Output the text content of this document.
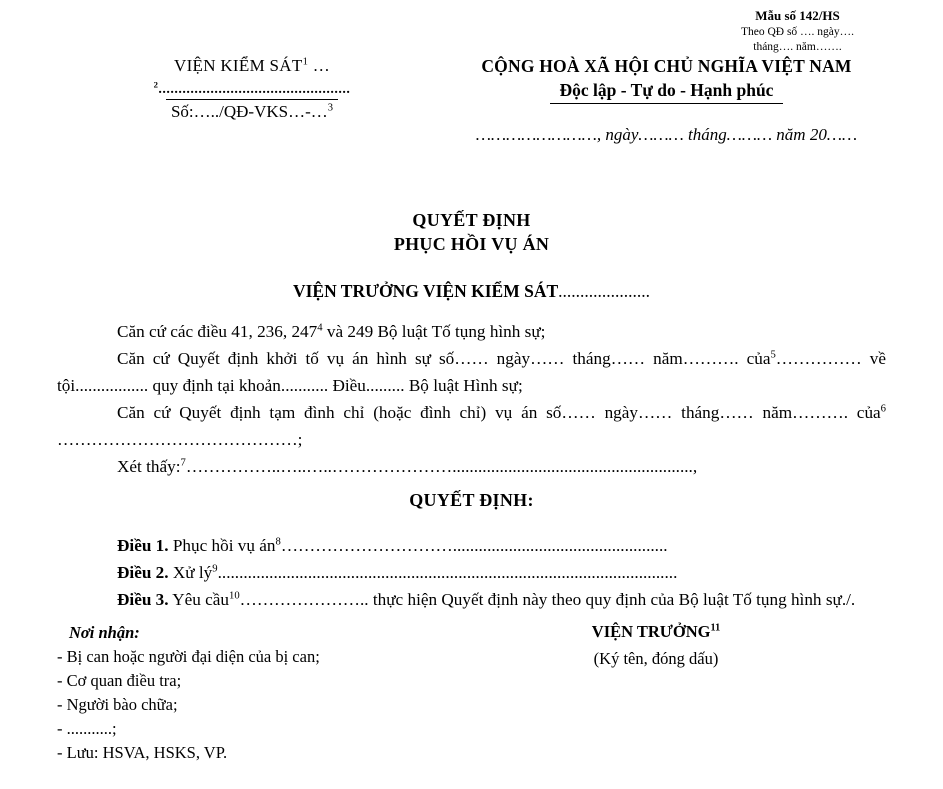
Mẫu số 142/HS
Theo QĐ số …. ngày….
tháng…. năm…….
VIỆN KIỂM SÁT$^1$ …
$^2$................................................
Số:…../QĐ-VKS…-…$^3$
CỘNG HOÀ XÃ HỘI CHỦ NGHĨA VIỆT NAM
Độc lập - Tự do - Hạnh phúc
……………………, ngày……… tháng……… năm 20……
QUYẾT ĐỊNH
PHỤC HỒI VỤ ÁN
VIỆN TRƯỞNG VIỆN KIỂM SÁT.....................

Căn cứ các điều 41, 236, $247^4$ và 249 Bộ luật Tố tụng hình sự;

Căn cứ Quyết định khởi tố vụ án hình sự số…… ngày…… tháng…… năm………. của$^5$…………… về tội................. quy định tại khoản........... Điều......... Bộ luật Hình sự;

Căn cứ Quyết định tạm đình chỉ (hoặc đình chỉ) vụ án số…… ngày…… tháng…… năm………. của$^6$ ……………………………………;

Xét thấy:$^7$……………..…..…..…………………........................................................,

QUYẾT ĐỊNH:

Điều 1. Phục hồi vụ $án^8\dots\dots\dots\dots\dots\dots\dots\dots\dots\dots$..................................................

Điều 2. Xử $lý^9$...........................................................................................................

Điều 3. Yêu cầu$^{10}$………………….. thực hiện Quyết định này theo quy định của Bộ luật Tố tụng hình sự./.

Nơi nhận:
- Bị can hoặc người đại diện của bị can;
- Cơ quan điều tra;
- Người bào chữa;
- ...........;
- Lưu: HSVA, HSKS, VP.
VIỆN TRƯỞNG$^{11}$
(Ký tên, đóng dấu)
